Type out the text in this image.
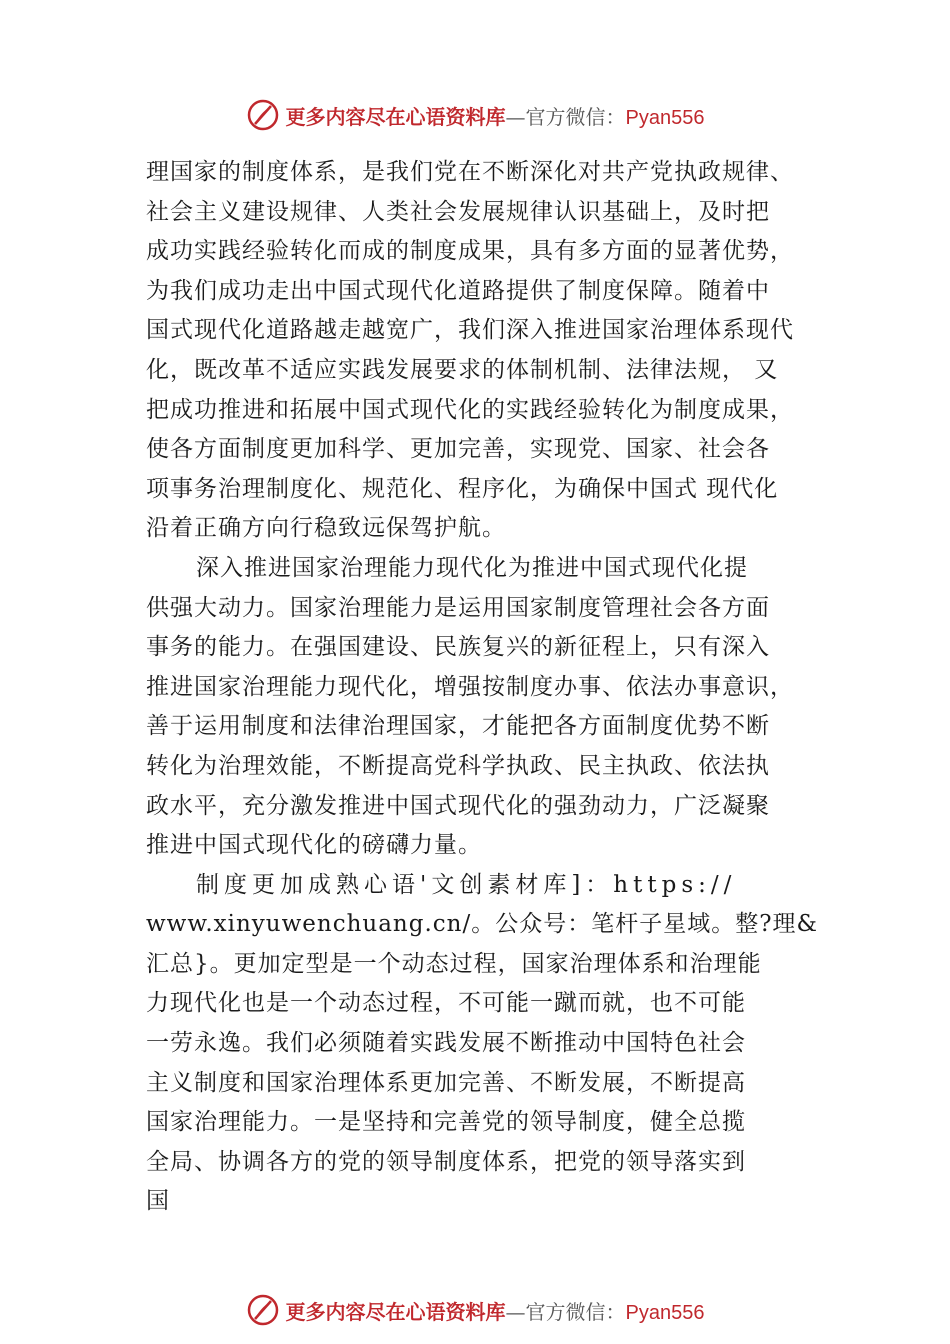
更多内容尽在心语资料库—官方微信：Pyan556
理国家的制度体系，是我们党在不断深化对共产党执政规律、
社会主义建设规律、人类社会发展规律认识基础上，及时把
成功实践经验转化而成的制度成果，具有多方面的显著优势，
为我们成功走出中国式现代化道路提供了制度保障。随着中
国式现代化道路越走越宽广，我们深入推进国家治理体系现代
化，既改革不适应实践发展要求的体制机制、法律法规， 又
把成功推进和拓展中国式现代化的实践经验转化为制度成果，
使各方面制度更加科学、更加完善，实现党、国家、社会各
项事务治理制度化、规范化、程序化，为确保中国式 现代化
沿着正确方向行稳致远保驾护航。
深入推进国家治理能力现代化为推进中国式现代化提
供强大动力。国家治理能力是运用国家制度管理社会各方面
事务的能力。在强国建设、民族复兴的新征程上，只有深入
推进国家治理能力现代化，增强按制度办事、依法办事意识，
善于运用制度和法律治理国家，才能把各方面制度优势不断
转化为治理效能，不断提高党科学执政、民主执政、依法执
政水平，充分激发推进中国式现代化的强劲动力，广泛凝聚
推进中国式现代化的磅礴力量。
制度更加成熟心语'文创素材库]：https://
www.xinyuwenchuang.cn/。公众号：笔杆子星域。整?理&
汇总}。更加定型是一个动态过程，国家治理体系和治理能
力现代化也是一个动态过程，不可能一蹴而就，也不可能
一劳永逸。我们必须随着实践发展不断推动中国特色社会
主义制度和国家治理体系更加完善、不断发展，不断提高
国家治理能力。一是坚持和完善党的领导制度，健全总揽
全局、协调各方的党的领导制度体系，把党的领导落实到
国
更多内容尽在心语资料库—官方微信：Pyan556
